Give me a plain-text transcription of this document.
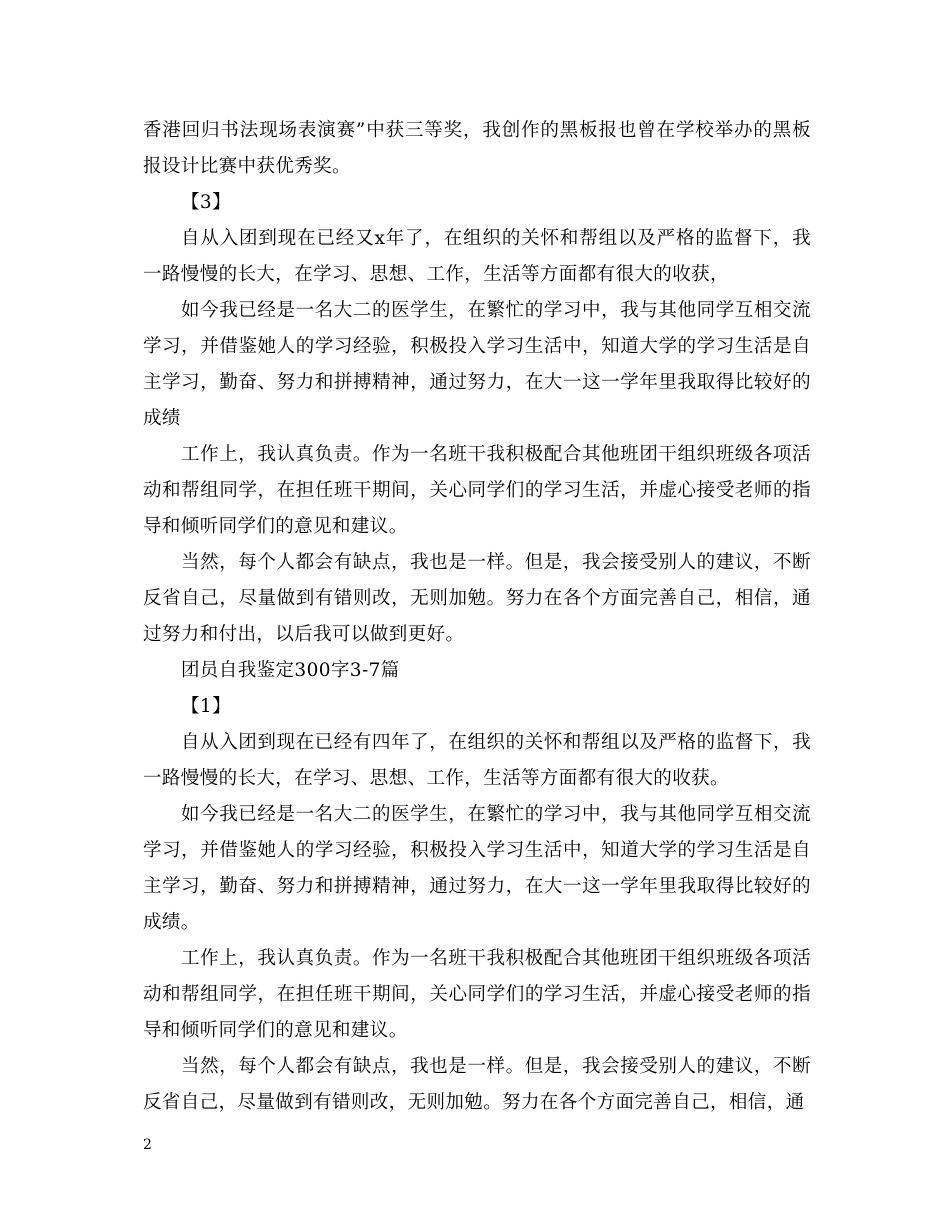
香港回归书法现场表演赛”中获三等奖，我创作的黑板报也曾在学校举办的黑板报设计比赛中获优秀奖。

【3】

自从入团到现在已经又x年了，在组织的关怀和帮组以及严格的监督下，我一路慢慢的长大，在学习、思想、工作，生活等方面都有很大的收获，

如今我已经是一名大二的医学生，在繁忙的学习中，我与其他同学互相交流学习，并借鉴她人的学习经验，积极投入学习生活中，知道大学的学习生活是自主学习，勤奋、努力和拼搏精神，通过努力，在大一这一学年里我取得比较好的成绩

工作上，我认真负责。作为一名班干我积极配合其他班团干组织班级各项活动和帮组同学，在担任班干期间，关心同学们的学习生活，并虚心接受老师的指导和倾听同学们的意见和建议。

当然，每个人都会有缺点，我也是一样。但是，我会接受别人的建议，不断反省自己，尽量做到有错则改，无则加勉。努力在各个方面完善自己，相信，通过努力和付出，以后我可以做到更好。

团员自我鉴定300字3-7篇

【1】

自从入团到现在已经有四年了，在组织的关怀和帮组以及严格的监督下，我一路慢慢的长大，在学习、思想、工作，生活等方面都有很大的收获。

如今我已经是一名大二的医学生，在繁忙的学习中，我与其他同学互相交流学习，并借鉴她人的学习经验，积极投入学习生活中，知道大学的学习生活是自主学习，勤奋、努力和拼搏精神，通过努力，在大一这一学年里我取得比较好的成绩。

工作上，我认真负责。作为一名班干我积极配合其他班团干组织班级各项活动和帮组同学，在担任班干期间，关心同学们的学习生活，并虚心接受老师的指导和倾听同学们的意见和建议。

当然，每个人都会有缺点，我也是一样。但是，我会接受别人的建议，不断反省自己，尽量做到有错则改，无则加勉。努力在各个方面完善自己，相信，通

2
